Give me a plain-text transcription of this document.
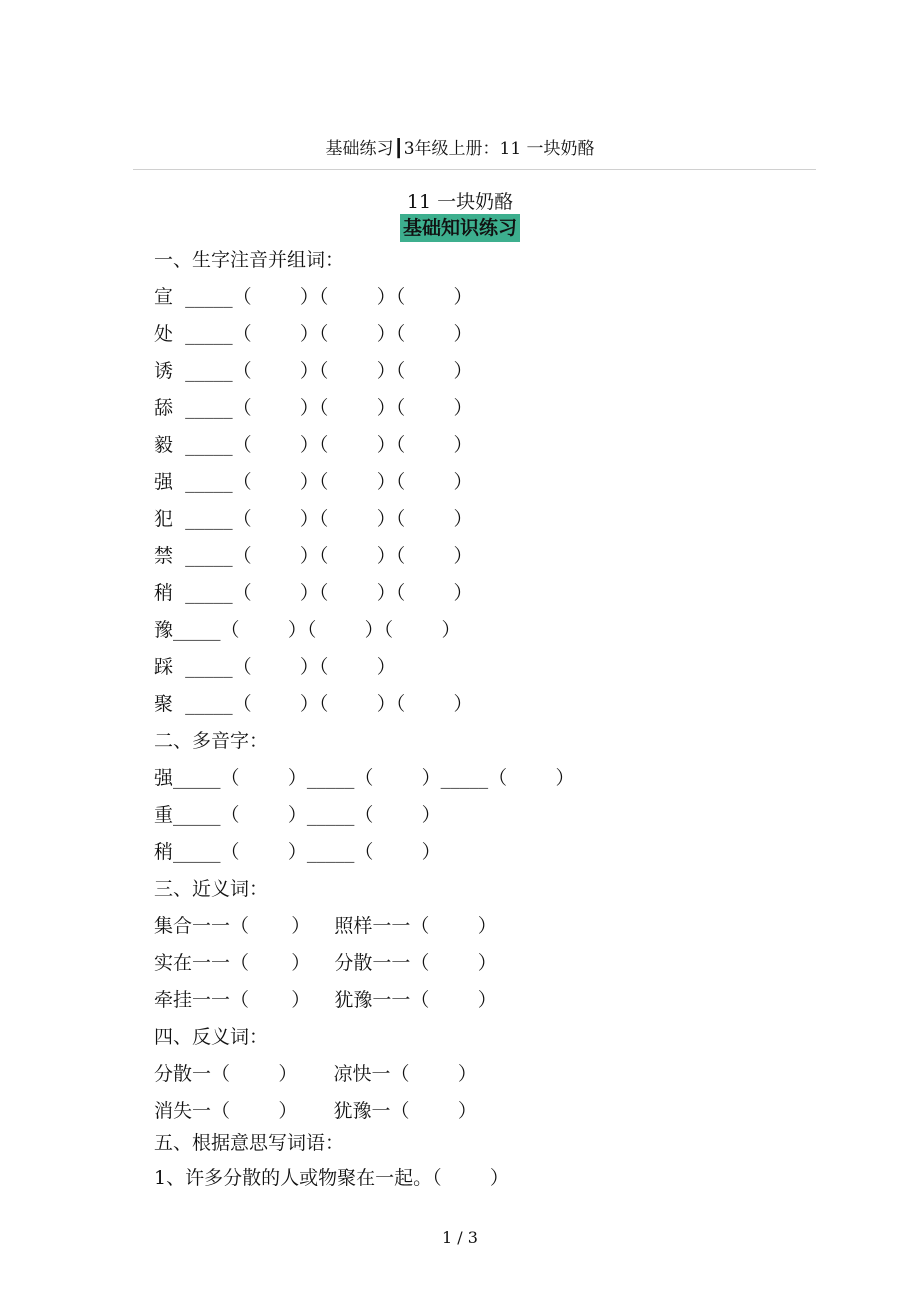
基础练习┃3年级上册：11 一块奶酪
11 一块奶酪
基础知识练习
一、生字注音并组词：
宣  _____（        ）（        ）（        ）
处  _____（        ）（        ）（        ）
诱  _____（        ）（        ）（        ）
舔  _____（        ）（        ）（        ）
毅  _____（        ）（        ）（        ）
强  _____（        ）（        ）（        ）
犯  _____（        ）（        ）（        ）
禁  _____（        ）（        ）（        ）
稍  _____（        ）（        ）（        ）
豫_____（        ）（        ）（        ）
踩  _____（        ）（        ）
聚  _____（        ）（        ）（        ）
二、多音字：
强_____（        ）_____（        ）_____（        ）
重_____（        ）_____（        ）
稍_____（        ）_____（        ）
三、近义词：
集合一一（       ）    照样一一（        ）
实在一一（       ）    分散一一（        ）
牵挂一一（       ）    犹豫一一（        ）
四、反义词：
分散一（        ）      凉快一（        ）
消失一（        ）      犹豫一（        ）
五、根据意思写词语：
1、许多分散的人或物聚在一起。（        ）
1 / 3
